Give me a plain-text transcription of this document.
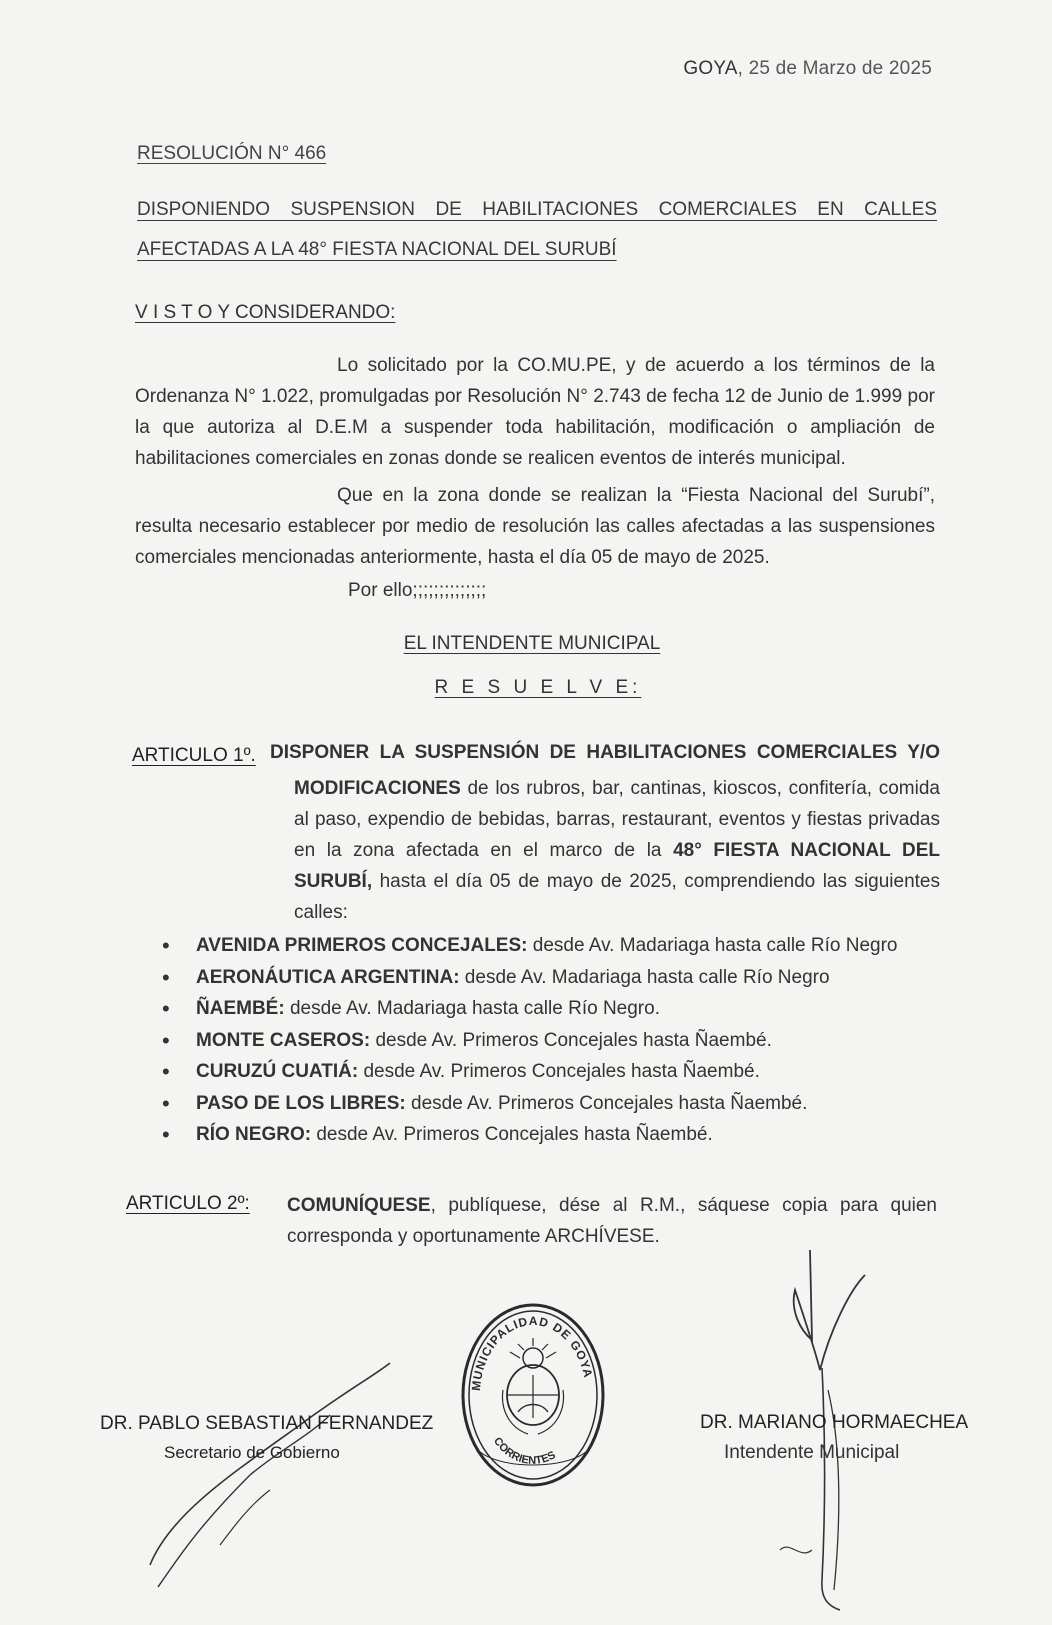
GOYA, 25 de Marzo de 2025
RESOLUCIÓN N° 466
DISPONIENDO SUSPENSION DE HABILITACIONES COMERCIALES EN CALLES
AFECTADAS A LA 48° FIESTA NACIONAL DEL SURUBÍ
V I S T O Y CONSIDERANDO:
Lo solicitado por la CO.MU.PE, y de acuerdo a los términos de la Ordenanza N° 1.022, promulgadas por Resolución N° 2.743 de fecha 12 de Junio de 1.999 por la que autoriza al D.E.M a suspender toda habilitación, modificación o ampliación de habilitaciones comerciales en zonas donde se realicen eventos de interés municipal.
Que en la zona donde se realizan la “Fiesta Nacional del Surubí”, resulta necesario establecer por medio de resolución las calles afectadas a las suspensiones comerciales mencionadas anteriormente, hasta el día 05 de mayo de 2025.
Por ello;;;;;;;;;;;;;;
EL INTENDENTE MUNICIPAL
R E S U E L V E:
ARTICULO 1º. DISPONER LA SUSPENSIÓN DE HABILITACIONES COMERCIALES Y/O
MODIFICACIONES de los rubros, bar, cantinas, kioscos, confitería, comida al paso, expendio de bebidas, barras, restaurant, eventos y fiestas privadas en la zona afectada en el marco de la 48° FIESTA NACIONAL DEL SURUBÍ, hasta el día 05 de mayo de 2025, comprendiendo las siguientes calles:
• AVENIDA PRIMEROS CONCEJALES: desde Av. Madariaga hasta calle Río Negro
• AERONÁUTICA ARGENTINA: desde Av. Madariaga hasta calle Río Negro
• ÑAEMBÉ: desde Av. Madariaga hasta calle Río Negro.
• MONTE CASEROS: desde Av. Primeros Concejales hasta Ñaembé.
• CURUZÚ CUATIÁ: desde Av. Primeros Concejales hasta Ñaembé.
• PASO DE LOS LIBRES: desde Av. Primeros Concejales hasta Ñaembé.
• RÍO NEGRO: desde Av. Primeros Concejales hasta Ñaembé.
ARTICULO 2º: COMUNÍQUESE, publíquese, dése al R.M., sáquese copia para quien corresponda y oportunamente ARCHÍVESE.
DR. PABLO SEBASTIAN FERNANDEZ
Secretario de Gobierno
MUNICIPALIDAD DE GOYA
CORRIENTES
DR. MARIANO HORMAECHEA
Intendente Municipal
